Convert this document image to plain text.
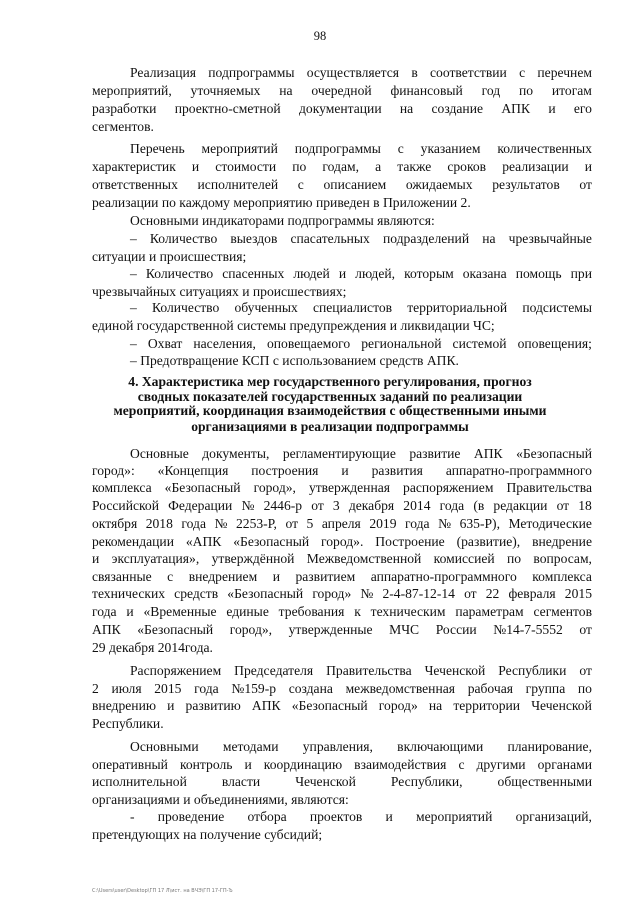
98
Реализация подпрограммы осуществляется в соответствии с перечнем
мероприятий, уточняемых на очередной финансовый год по итогам
разработки проектно-сметной документации на создание АПК и его
сегментов.
Перечень мероприятий подпрограммы с указанием количественных
характеристик и стоимости по годам, а также сроков реализации и
ответственных исполнителей с описанием ожидаемых результатов от
реализации по каждому мероприятию приведен в Приложении 2.
Основными индикаторами подпрограммы являются:
– Количество выездов спасательных подразделений на чрезвычайные
ситуации и происшествия;
– Количество спасенных людей и людей, которым оказана помощь при
чрезвычайных ситуациях и происшествиях;
– Количество обученных специалистов территориальной подсистемы
единой государственной системы предупреждения и ликвидации ЧС;
– Охват населения, оповещаемого региональной системой оповещения;
– Предотвращение КСП с использованием средств АПК.
Основные документы, регламентирующие развитие АПК «Безопасный
город»: «Концепция построения и развития аппаратно-программного
комплекса «Безопасный город», утвержденная распоряжением Правительства
Российской Федерации № 2446-р от 3 декабря 2014 года (в редакции от 18
октября 2018 года № 2253-Р, от 5 апреля 2019 года № 635-Р), Методические
рекомендации «АПК «Безопасный город». Построение (развитие), внедрение
и эксплуатация», утверждённой Межведомственной комиссией по вопросам,
связанные с внедрением и развитием аппаратно-программного комплекса
технических средств «Безопасный город» № 2-4-87-12-14 от 22 февраля 2015
года и «Временные единые требования к техническим параметрам сегментов
АПК «Безопасный город», утвержденные МЧС России №14-7-5552 от
29 декабря 2014года.
Распоряжением Председателя Правительства Чеченской Республики от
2 июля 2015 года №159-р создана межведомственная рабочая группа по
внедрению и развитию АПК «Безопасный город» на территории Чеченской
Республики.
Основными методами управления, включающими планирование,
оперативный контроль и координацию взаимодействия с другими органами
исполнительной	власти	Чеченской	Республики,	общественными
организациями и объединениями, являются:
- проведение отбора проектов и мероприятий организаций,
претендующих на получение субсидий;
4. Характеристика мер государственного регулирования, прогноз
сводных показателей государственных заданий по реализации
мероприятий, координация взаимодействия с общественными иными
организациями в реализации подпрограммы
С:\Users\user\Desktop\ГП 17 Л\ист. на ВЧЭ\ГП 17-ГП-Ъ
